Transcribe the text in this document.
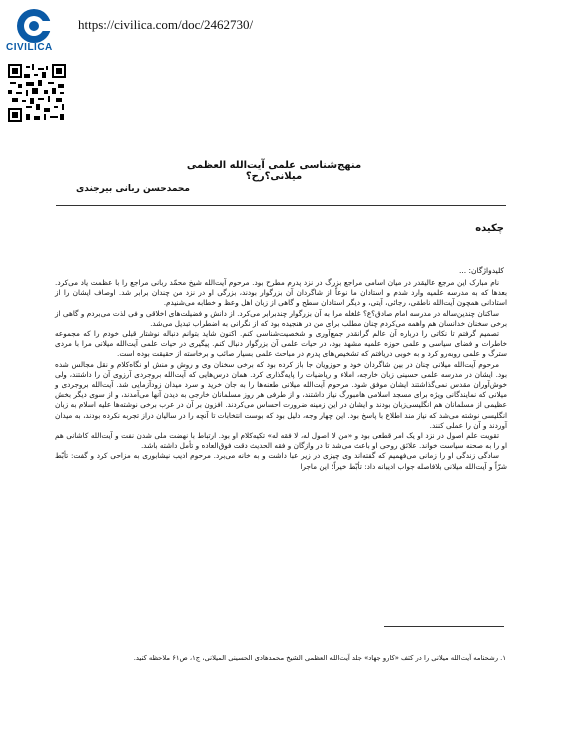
CIVILICA
https://civilica.com/doc/2462730/
منهج‌شناسی علمی آیت‌الله العظمی میلانی؟رح؟
محمدحسن ربانی بیرجندی
چکیده
کلیدواژگان: ...

نام مبارک این مرجع عالیقدر در میان اسامی مراجع بزرگ در نزد پدرم مطرح بود. مرحوم آیت‌الله شیخ محمّد ربانی مراجع را با عظمت یاد می‌کرد. بعدها که به مدرسه علمیه وارد شدم و استادان ما نوعاً از شاگردان آن بزرگوار بودند، بزرگی او در نزد من چندان برابر شد. اوصاف ایشان را از استادانی همچون آیت‌الله ناطقی، رجائی، آیتی، و دیگر استادان سطح و گاهی از زبان اهل وعظ و خطابه می‌شنیدم.

ساکنان چندین‌ساله در مدرسه امام صادق؟ع؟ غلغله مرا به آن بزرگوار چندبرابر می‌کرد. از دانش و فضیلت‌های اخلاقی و فی لذت می‌بردم و گاهی از برخی سخنان خدانسان هم واهمه می‌کردم چنان مطلب برای من در هنجیده بود که از نگرانی به اضطراب تبدیل می‌شد.

تصمیم گرفتم تا نکاتی را درباره آن عالم گرانقدر جمع‌آوری و شخصیت‌شناسی کنم. اکنون شاید بتوانم دنباله نوشتار قبلی خودم را که مجموعه خاطرات و فضای سیاسی و علمی حوزه علمیه مشهد بود، در حیات علمی آن بزرگوار دنبال کنم. پیگیری در حیات علمی آیت‌الله میلانی مرا با مردی سترگ و علمی روبه‌رو کرد و به خوبی دریافتم که تشخیص‌های پدرم در مباحث علمی بسیار صائب و برخاسته از حقیقت بوده است.

مرحوم آیت‌الله میلانی چنان در بین شاگردان خود و حوزویان جا باز کرده بود که برخی سخنان وی و روش و منش او نگاه‌کلام و نقل مجالس شده بود. ایشان در مدرسه علمی حسینی زبان خارجه، املاء و ریاضیات را پایه‌گذاری کرد. همان درس‌هایی که آیت‌الله بروجردی آرزوی آن را داشتند، ولی خوش‌آوران مقدس نمی‌گذاشتند ایشان موفق شود. مرحوم آیت‌الله میلانی طعنه‌ها را به جان خرید و سرد میدان زودآزمایی شد. آیت‌الله بروجردی و میلانی که نمایندگانی ویژه برای مسجد اسلامی هامبورگ نیاز داشتند، و از طرفی هر روز مسلمانان خارجی به دیدن آنها می‌آمدند، و از سوی دیگر بخش عظیمی از مسلمانان هم انگلیسی‌زبان بودند و ایشان در این زمینه ضرورت احساس می‌کردند. افزون بر آن در عرب برخی نوشته‌ها علیه اسلام به زبان انگلیسی نوشته می‌شد که نیاز مند اطلاع با پاسخ بود. این چهار وجه، دلیل بود که بوست انتخابات تا آنچه را در سالیان دراز تجربه نکرده بودند، به میدان آوردند و آن را عملی کنند.

تقویت علم اصول در نزد او یک امر قطعی بود و «من لا اصول له، لا فقه له» تکیه‌کلام او بود. ارتباط با نهضت ملی شدن نفت و آیت‌الله کاشانی هم او را به صحنه سیاست خواند. علائق روحی او باعث می‌شد تا در وازگان و فقه الحدیث دقت فوق‌العاده و تأمل داشته باشد.

سادگی زندگی او را زمانی می‌فهمیم که گفته‌اند وی چیزی در زیر عبا داشت و به خانه می‌برد. مرحوم ادیب نیشابوری به مزاحی کرد و گفت: تأبّط شرّاً و آیت‌الله میلانی بلافاصله جواب ادیبانه داد: تأبّط خیراً؛ این ماجرا

۱. رشحنامه آیت‌الله میلانی را در کتف «کارو جهاد» جلد آیت‌الله العظمی الشیخ محمدهادی الحسینی المیلانی، ج۱، ص۶۱ ملاحظه کنید.
